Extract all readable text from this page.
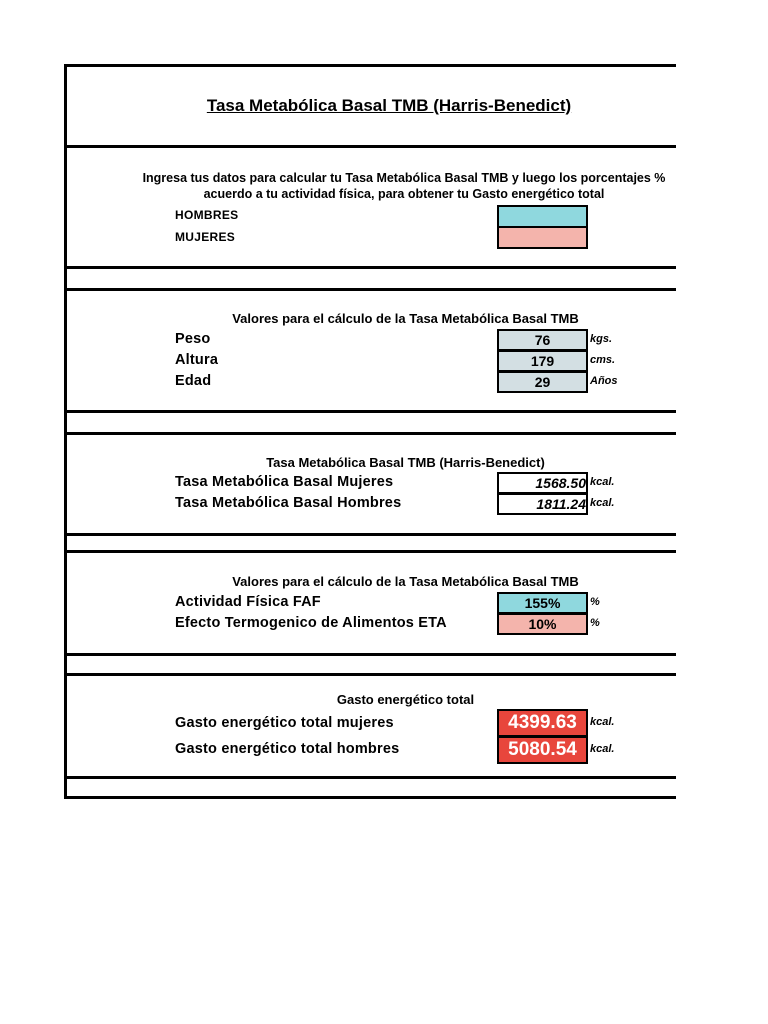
Tasa Metabólica Basal TMB (Harris-Benedict)
Ingresa tus datos para calcular tu Tasa Metabólica Basal TMB y luego los porcentajes %
acuerdo a tu actividad física, para obtener tu Gasto energético total
HOMBRES
MUJERES
Valores para el cálculo de la Tasa Metabólica Basal TMB
Peso	76	kgs.
Altura	179	cms.
Edad	29	Años
Tasa Metabólica Basal TMB (Harris-Benedict)
Tasa Metabólica Basal Mujeres	1568.50 kcal.
Tasa Metabólica Basal Hombres	1811.24 kcal.
Valores para el cálculo de la Tasa Metabólica Basal TMB
Actividad Física FAF	155%	%
Efecto Termogenico de Alimentos ETA	10%	%
Gasto energético total
Gasto energético total mujeres	4399.63	kcal.
Gasto energético total hombres	5080.54	kcal.
